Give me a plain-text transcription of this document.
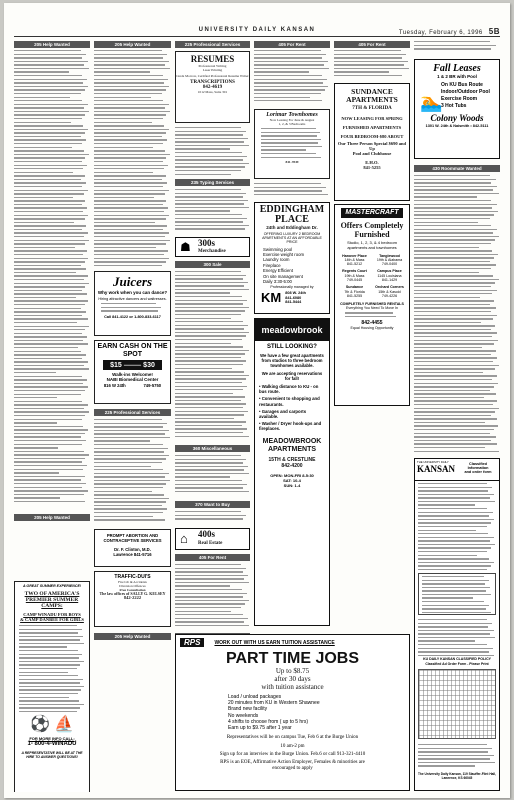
UNIVERSITY DAILY KANSAN	Tuesday, February 6, 1996 5B
205 Help Wanted
205 Help Wanted
A GREAT SUMMER EXPERIENCE!
TWO OF AMERICA'S PREMIER SUMMER CAMPS:
CAMP WINADU FOR BOYS
& CAMP DANBEE FOR GIRLS
⚽ ⛵
FOR MORE INFO CALL:
1- 800-4-WINADU
A REPRESENTATIVE WILL BE AT THE HIRE TO ANSWER QUESTIONS!
205 Help Wanted
Juicers
Why work when you can dance?
Hiring attractive dancers and waitresses.
Call 841-4122 or 1-800-833-6117
EARN CASH ON THE SPOT
$15 ⸻ $30
Walk-ins Welcome!
NABI Biomedical Center
816 W 24th	749-5750
225 Professional Services
PROMPT ABORTION AND CONTRACEPTIVE SERVICES
Dr. F. Clinton, M.D.
Lawrence 841-5716
TRAFFIC-DUI'S
Fire Lib & Accidents
Diversion Offences
Free Consultation
The law offices of SALLY G. KELSEY
842-2222
205 Help Wanted
225 Professional Services
RESUMES
Professional Writing
Laser Printing
Linda Morrow, Certified Professional Resume Writer
TRANSCRIPTIONS
842-4619
1012 Mass, Suite 301
235 Typing Services
☗ 300s
Merchandise
300 Sale
360 Miscellaneous
370 Want to Buy
⌂ 400s
Real Estate
405 For Rent
405 For Rent
Lorimar Townhomes
Now Leasing For June & August
1, 2, & 3 Bedrooms
841-7849
EDDINGHAM PLACE
24th and Eddingham Dr.
OFFERING LUXURY 2 BEDROOM APARTMENTS AT AN AFFORDABLE PRICE
Swimming pool
Exercise weight room
Laundry room
Fireplace
Energy Efficient
On site management
Daily 3:30-5:00
Professionally managed by
KM 808 W. 24th
841-6080
841-5444
meadowbrook
STILL LOOKING?
We have a few great apartments from studios to three bedroom townhomes available.
We are accepting reservations for fall!
• Walking distance to KU - on bus route.
• Convenient to shopping and restaurants.
• Garages and carports available.
• Washer / Dryer hook-ups and fireplaces.
MEADOWBROOK APARTMENTS
15TH & CRESTLINE
842-4200
OPEN: MON-FRI 8-5:30
SAT: 10-4
SUN: 1-4
405 For Rent
SUNDANCE APARTMENTS
7TH & FLORIDA
NOW LEASING FOR SPRING
FURNISHED APARTMENTS
FOUR BEDROOM-$80 ABOUT
Our Three Person Special $690 and Up
Pool and Clubhouse
E.H.O.
841-5255
MASTERCRAFT
Offers Completely Furnished
Studio, 1, 2, 3, & 4 bedroom apartments and townhomes
Hanover Place
14th & Mass
841-5212
Tanglewood
19th & Alabama
749-0400
Regents Court
19th & Mass
749-0445
Campus Place
1145 Louisiana
841-1429
Sundance
7th & Florida
841-5255
Orchard Corners
15th & Kasold
749-4226
COMPLETELY FURNISHED RENTALS
Everything You Need To Move In
842-4455
Equal Housing Opportunity
Fall Leases
1 & 2 BR with Pool
On KU Bus Route
Indoor/Outdoor Pool
Exercise Room
3 Hot Tubs
🏊
Colony Woods
1301 W. 24th & Naismith • 842-5111
430 Roommate Wanted
RPS	WORK OUT WITH US EARN TUITION ASSISTANCE
PART TIME JOBS
Up to $8.75
after 30 days
with tuition assistance
Load / unload packages
20 minutes from KU in Western Shawnee
Brand new facility
No weekends
4 shifts to choose from ( up to 5 hrs)
Earn up to $9.75 after 1 year
Representatives will be on campus Tue, Feb 6 at the Burge Union
10 am-2 pm
Sign up for an interview in the Burge Union. Feb.6 or call 913-321-4410
RPS is an EOE, Affirmative Action Employer, Females & minorities are encouraged to apply
THE UNIVERSITY DAILY
KANSAN	Classified Information
and order form
KU DAILY KANSAN CLASSIFIED POLICY
Classified Ad Order Form - Please Print
The University Daily Kansan, 119 Stauffer-Flint Hall, Lawrence, KS 66045
